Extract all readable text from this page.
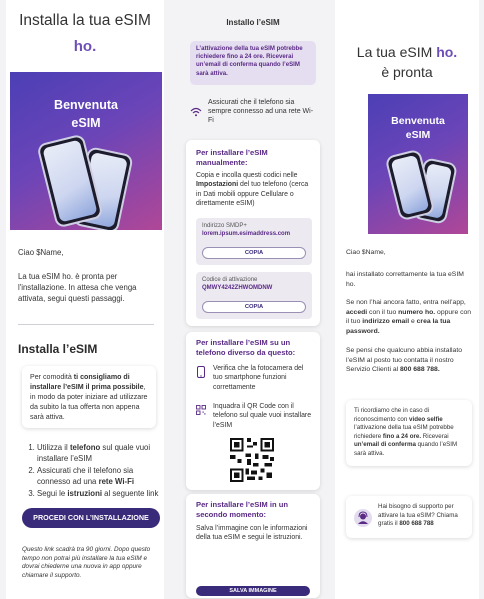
Installa la tua eSIM
ho.
Benvenuta
eSIM
Ciao $Name,
La tua eSIM ho. è pronta per l'installazione. In attesa che venga attivata, segui questi passaggi.
Installa l’eSIM
Per comodità ti consigliamo di installare l’eSIM il prima possibile, in modo da poter iniziare ad utilizzare da subito la tua offerta non appena sarà attiva.
1. Utilizza il telefono sul quale vuoi installare l’eSIM
2. Assicurati che il telefono sia connesso ad una rete Wi-Fi
3. Segui le istruzioni al seguente link
PROCEDI CON L’INSTALLAZIONE
Questo link scadrà tra 90 giorni. Dopo questo tempo non potrai più installare la tua eSIM e dovrai chiederne una nuova in app oppure chiamare il supporto.
Installo l’eSIM
L’attivazione della tua eSIM potrebbe richiedere fino a 24 ore. Riceverai un’email di conferma quando l’eSIM sarà attiva.
Assicurati che il telefono sia sempre connesso ad una rete Wi-Fi
Per installare l’eSIM manualmente:
Copia e incolla questi codici nelle Impostazioni del tuo telefono (cerca in Dati mobili oppure Cellulare o direttamente eSIM)
Indirizzo SMDP+
lorem.ipsum.esimaddress.com
COPIA
Codice di attivazione
QMWY4242ZHWOMDNW
COPIA
Per installare l’eSIM su un telefono diverso da questo:
Verifica che la fotocamera del tuo smartphone funzioni correttamente
Inquadra il QR Code con il telefono sul quale vuoi installare l’eSIM
Per installare l’eSIM in un secondo momento:
Salva l’immagine con le informazioni della tua eSIM e segui le istruzioni.
SALVA IMMAGINE
La tua eSIM ho.
è pronta
Benvenuta
eSIM
Ciao $Name,
hai installato correttamente la tua eSIM ho.
Se non l’hai ancora fatto, entra nell’app, accedi con il tuo numero ho. oppure con il tuo indirizzo email e crea la tua password.
Se pensi che qualcuno abbia installato l’eSIM al posto tuo contatta il nostro Servizio Clienti al 800 688 788.
Ti ricordiamo che in caso di riconoscimento con video selfie l’attivazione della tua eSIM potrebbe richiedere fino a 24 ore. Riceverai un’email di conferma quando l’eSIM sarà attiva.
Hai bisogno di supporto per attivare la tua eSIM? Chiama gratis il 800 688 788
